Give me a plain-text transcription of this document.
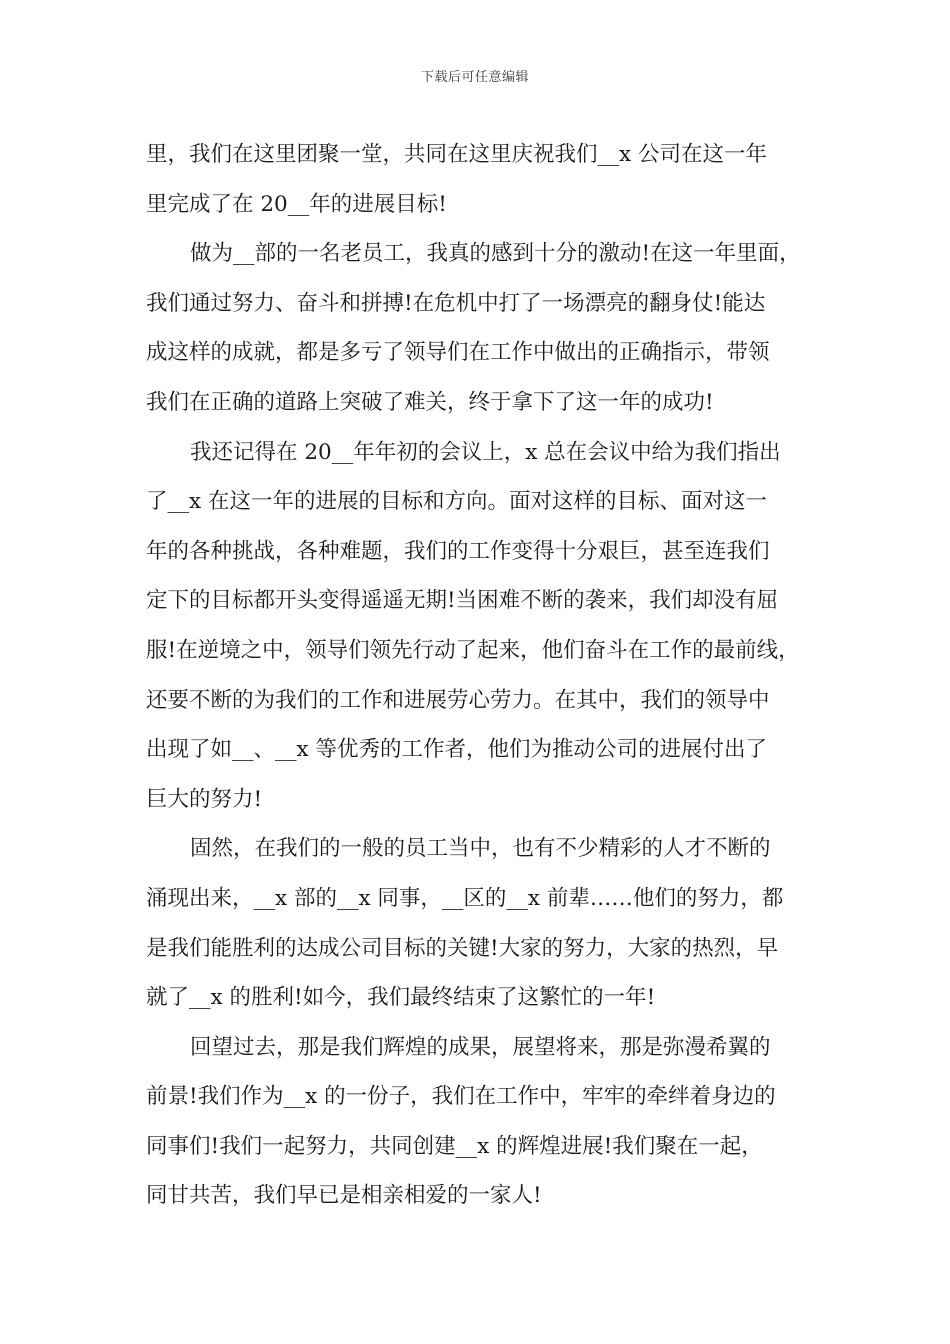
下载后可任意编辑
里，我们在这里团聚一堂，共同在这里庆祝我们__x 公司在这一年
里完成了在 20__年的进展目标!
做为__部的一名老员工，我真的感到十分的激动!在这一年里面，
我们通过努力、奋斗和拼搏!在危机中打了一场漂亮的翻身仗!能达
成这样的成就，都是多亏了领导们在工作中做出的正确指示，带领
我们在正确的道路上突破了难关，终于拿下了这一年的成功!
我还记得在 20__年年初的会议上，x 总在会议中给为我们指出
了__x 在这一年的进展的目标和方向。面对这样的目标、面对这一
年的各种挑战，各种难题，我们的工作变得十分艰巨，甚至连我们
定下的目标都开头变得遥遥无期!当困难不断的袭来，我们却没有屈
服!在逆境之中，领导们领先行动了起来，他们奋斗在工作的最前线，
还要不断的为我们的工作和进展劳心劳力。在其中，我们的领导中
出现了如__、__x 等优秀的工作者，他们为推动公司的进展付出了
巨大的努力!
固然，在我们的一般的员工当中，也有不少精彩的人才不断的
涌现出来，__x 部的__x 同事，__区的__x 前辈……他们的努力，都
是我们能胜利的达成公司目标的关键!大家的努力，大家的热烈，早
就了__x 的胜利!如今，我们最终结束了这繁忙的一年!
回望过去，那是我们辉煌的成果，展望将来，那是弥漫希翼的
前景!我们作为__x 的一份子，我们在工作中，牢牢的牵绊着身边的
同事们!我们一起努力，共同创建__x 的辉煌进展!我们聚在一起，
同甘共苦，我们早已是相亲相爱的一家人!
